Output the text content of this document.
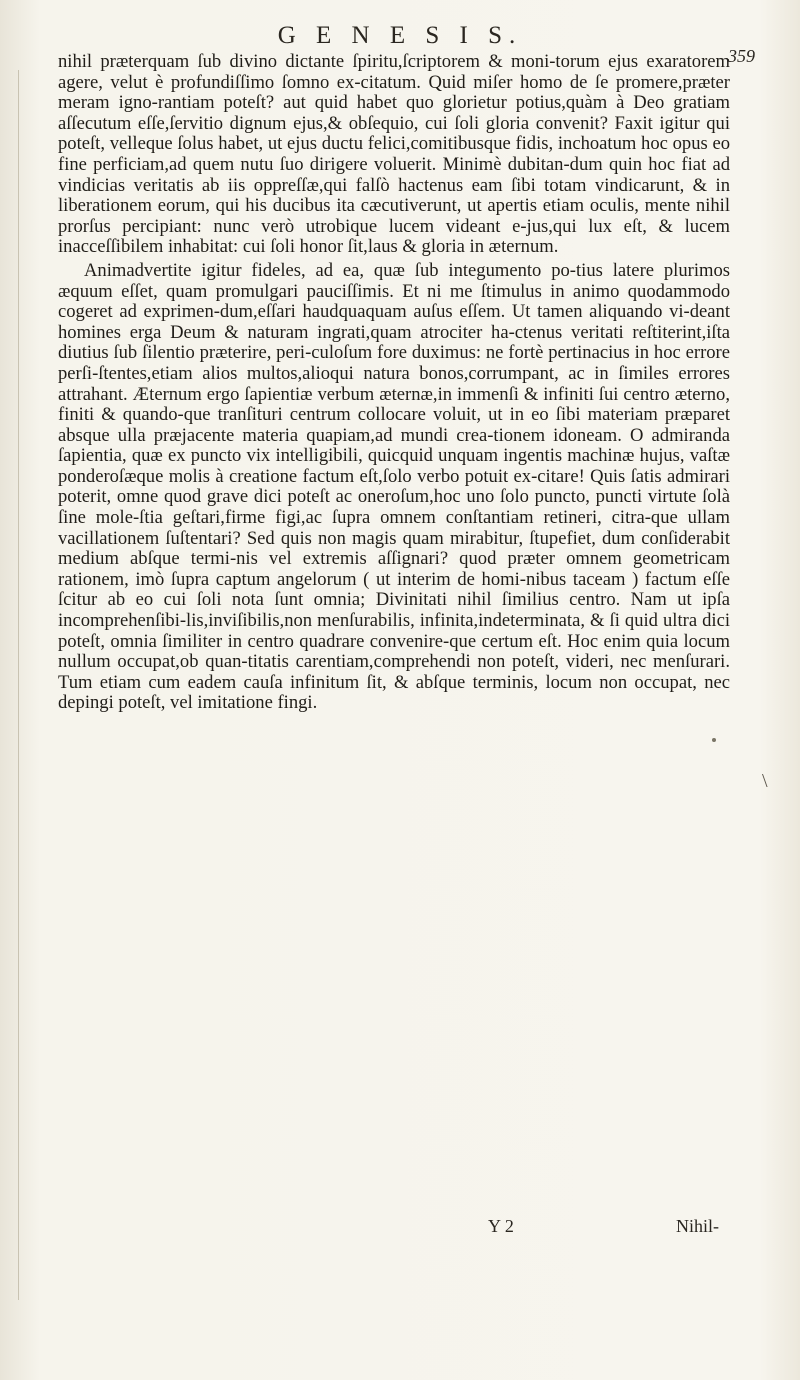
G E N E S I S.
359

nihil præterquam ſub divino dictante ſpiritu,ſcriptorem & moni-torum ejus exaratorem agere, velut è profundiſſimo ſomno ex-citatum. Quid miſer homo de ſe promere,præter meram igno-rantiam poteſt? aut quid habet quo glorietur potius,quàm à Deo gratiam aſſecutum eſſe,ſervitio dignum ejus,& obſequio, cui ſoli gloria convenit? Faxit igitur qui poteſt, velleque ſolus habet, ut ejus ductu felici,comitibusque fidis, inchoatum hoc opus eo fine perficiam,ad quem nutu ſuo dirigere voluerit. Minimè dubitan-dum quin hoc fiat ad vindicias veritatis ab iis oppreſſæ,qui falſò hactenus eam ſibi totam vindicarunt, & in liberationem eorum, qui his ducibus ita cæcutiverunt, ut apertis etiam oculis, mente nihil prorſus percipiant: nunc verò utrobique lucem videant e-jus,qui lux eſt, & lucem inacceſſibilem inhabitat: cui ſoli honor ſit,laus & gloria in æternum.

Animadvertite igitur fideles, ad ea, quæ ſub integumento po-tius latere plurimos æquum eſſet, quam promulgari pauciſſimis. Et ni me ſtimulus in animo quodammodo cogeret ad exprimen-dum,eſſari haudquaquam auſus eſſem. Ut tamen aliquando vi-deant homines erga Deum & naturam ingrati,quam atrociter ha-ctenus veritati reſtiterint,iſta diutius ſub ſilentio præterire, peri-culoſum fore duximus: ne fortè pertinacius in hoc errore perſi-ſtentes,etiam alios multos,alioqui natura bonos,corrumpant, ac in ſimiles errores attrahant. Æternum ergo ſapientiæ verbum æternæ,in immenſi & infiniti ſui centro æterno, finiti & quando-que tranſituri centrum collocare voluit, ut in eo ſibi materiam præparet absque ulla præjacente materia quapiam,ad mundi crea-tionem idoneam. O admiranda ſapientia, quæ ex puncto vix intelligibili, quicquid unquam ingentis machinæ hujus, vaſtæ ponderoſæque molis à creatione factum eſt,ſolo verbo potuit ex-citare! Quis ſatis admirari poterit, omne quod grave dici poteſt ac oneroſum,hoc uno ſolo puncto, puncti virtute ſolà ſine mole-ſtia geſtari,firme figi,ac ſupra omnem conſtantiam retineri, citra-que ullam vacillationem ſuſtentari? Sed quis non magis quam mirabitur, ſtupefiet, dum conſiderabit medium abſque termi-nis vel extremis aſſignari? quod præter omnem geometricam rationem, imò ſupra captum angelorum ( ut interim de homi-nibus taceam ) factum eſſe ſcitur ab eo cui ſoli nota ſunt omnia; Divinitati nihil ſimilius centro. Nam ut ipſa incomprehenſibi-lis,inviſibilis,non menſurabilis, infinita,indeterminata, & ſi quid ultra dici poteſt, omnia ſimiliter in centro quadrare convenire-que certum eſt. Hoc enim quia locum nullum occupat,ob quan-titatis carentiam,comprehendi non poteſt, videri, nec menſurari. Tum etiam cum eadem cauſa infinitum ſit, & abſque terminis, locum non occupat, nec depingi poteſt, vel imitatione fingi.

\
Y 2	Nihil-
